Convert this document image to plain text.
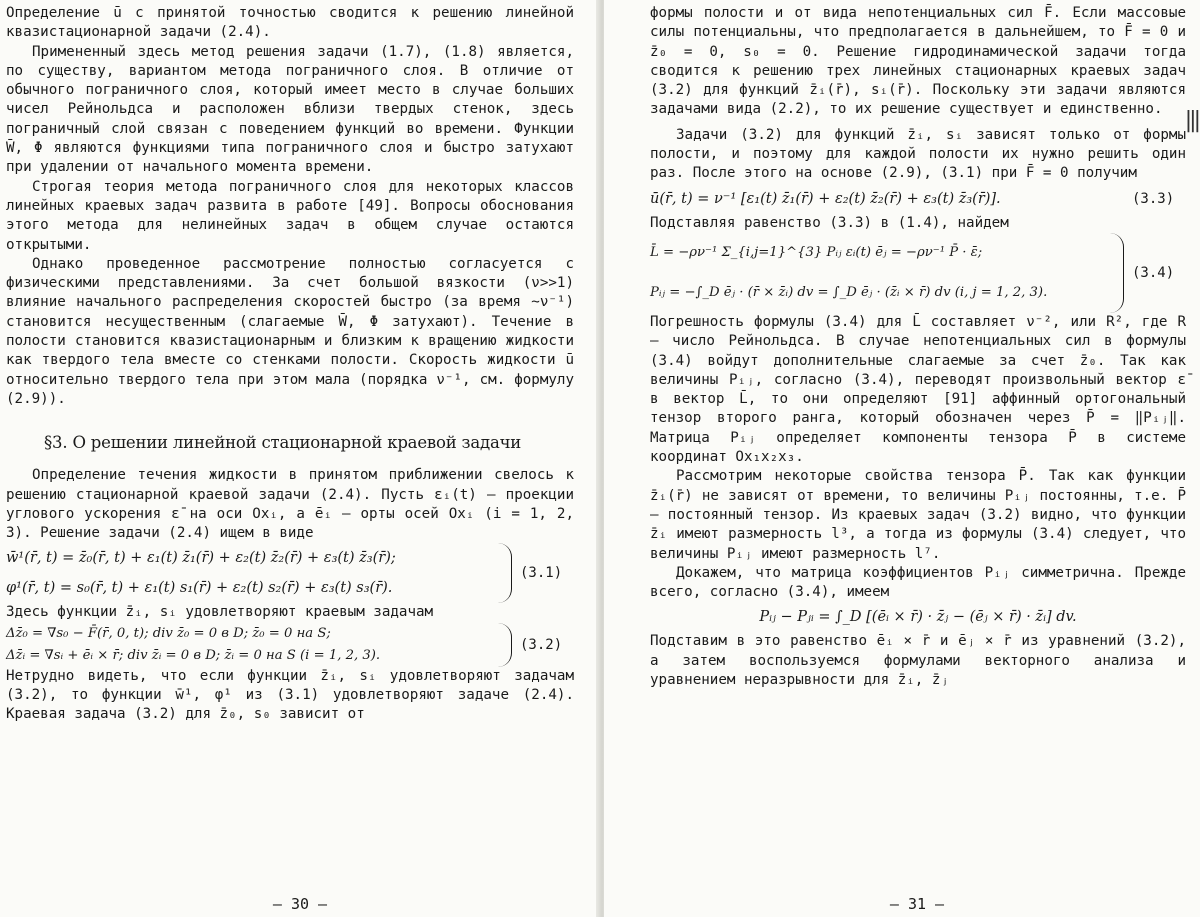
Определение ū с принятой точностью сводится к решению линейной квазистационарной задачи (2.4).

Примененный здесь метод решения задачи (1.7), (1.8) является, по существу, вариантом метода пограничного слоя. В отличие от обычного пограничного слоя, который имеет место в случае больших чисел Рейнольдса и расположен вблизи твердых стенок, здесь пограничный слой связан с поведением функций во времени. Функции W̄, Φ являются функциями типа пограничного слоя и быстро затухают при удалении от начального момента времени.

Строгая теория метода пограничного слоя для некоторых классов линейных краевых задач развита в работе [49]. Вопросы обоснования этого метода для нелинейных задач в общем случае остаются открытыми.

Однако проведенное рассмотрение полностью согласуется с физическими представлениями. За счет большой вязкости (ν>>1) влияние начального распределения скоростей быстро (за время ~ν⁻¹) становится несущественным (слагаемые W̄, Φ затухают). Течение в полости становится квазистационарным и близким к вращению жидкости как твердого тела вместе со стенками полости. Скорость жидкости ū относительно твердого тела при этом мала (порядка ν⁻¹, см. формулу (2.9)).

§3. О решении линейной стационарной краевой задачи

Определение течения жидкости в принятом приближении свелось к решению стационарной краевой задачи (2.4). Пусть εᵢ(t) – проекции углового ускорения ε̄ на оси Oxᵢ, а ēᵢ – орты осей Oxᵢ (i = 1, 2, 3). Решение задачи (2.4) ищем в виде

w̄¹(r̄, t) = z̄₀(r̄, t) + ε₁(t) z̄₁(r̄) + ε₂(t) z̄₂(r̄) + ε₃(t) z̄₃(r̄);
φ¹(r̄, t) = s₀(r̄, t) + ε₁(t) s₁(r̄) + ε₂(t) s₂(r̄) + ε₃(t) s₃(r̄).
(3.1)

Здесь функции z̄ᵢ, sᵢ удовлетворяют краевым задачам

Δz̄₀ = ∇s₀ − F̄(r̄, 0, t); div z̄₀ = 0 в D; z̄₀ = 0 на S;
Δz̄ᵢ = ∇sᵢ + ēᵢ × r̄; div z̄ᵢ = 0 в D; z̄ᵢ = 0 на S (i = 1, 2, 3).
(3.2)

Нетрудно видеть, что если функции z̄ᵢ, sᵢ удовлетворяют задачам (3.2), то функции w̄¹, φ¹ из (3.1) удовлетворяют задаче (2.4). Краевая задача (3.2) для z̄₀, s₀ зависит от

– 30 –
|||

формы полости и от вида непотенциальных сил F̄. Если массовые силы потенциальны, что предполагается в дальнейшем, то F̄ = 0 и z̄₀ = 0, s₀ = 0. Решение гидродинамической задачи тогда сводится к решению трех линейных стационарных краевых задач (3.2) для функций z̄ᵢ(r̄), sᵢ(r̄). Поскольку эти задачи являются задачами вида (2.2), то их решение существует и единственно.

Задачи (3.2) для функций z̄ᵢ, sᵢ зависят только от формы полости, и поэтому для каждой полости их нужно решить один раз. После этого на основе (2.9), (3.1) при F̄ = 0 получим

ū(r̄, t) = ν⁻¹ [ε₁(t) z̄₁(r̄) + ε₂(t) z̄₂(r̄) + ε₃(t) z̄₃(r̄)].	(3.3)

Подставляя равенство (3.3) в (1.4), найдем

L̄ = −ρν⁻¹ Σ_{i,j=1}^{3} Pᵢⱼ εᵢ(t) ēⱼ = −ρν⁻¹ P̄ · ε̄;
Pᵢⱼ = −∫_D ēⱼ · (r̄ × z̄ᵢ) dv = ∫_D ēⱼ · (z̄ᵢ × r̄) dv (i, j = 1, 2, 3).
(3.4)

Погрешность формулы (3.4) для L̄ составляет ν⁻², или R², где R – число Рейнольдса. В случае непотенциальных сил в формулы (3.4) войдут дополнительные слагаемые за счет z̄₀. Так как величины Pᵢⱼ, согласно (3.4), переводят произвольный вектор ε̄ в вектор L̄, то они определяют [91] аффинный ортогональный тензор второго ранга, который обозначен через P̄ = ‖Pᵢⱼ‖. Матрица Pᵢⱼ определяет компоненты тензора P̄ в системе координат Ox₁x₂x₃.

Рассмотрим некоторые свойства тензора P̄. Так как функции z̄ᵢ(r̄) не зависят от времени, то величины Pᵢⱼ постоянны, т.е. P̄ – постоянный тензор. Из краевых задач (3.2) видно, что функции z̄ᵢ имеют размерность l³, а тогда из формулы (3.4) следует, что величины Pᵢⱼ имеют размерность l⁷.

Докажем, что матрица коэффициентов Pᵢⱼ симметрична. Прежде всего, согласно (3.4), имеем

Pᵢⱼ − Pⱼᵢ = ∫_D [(ēᵢ × r̄) · z̄ⱼ − (ēⱼ × r̄) · z̄ᵢ] dv.

Подставим в это равенство ēᵢ × r̄ и ēⱼ × r̄ из уравнений (3.2), а затем воспользуемся формулами векторного анализа и уравнением неразрывности для z̄ᵢ, z̄ⱼ

– 31 –
